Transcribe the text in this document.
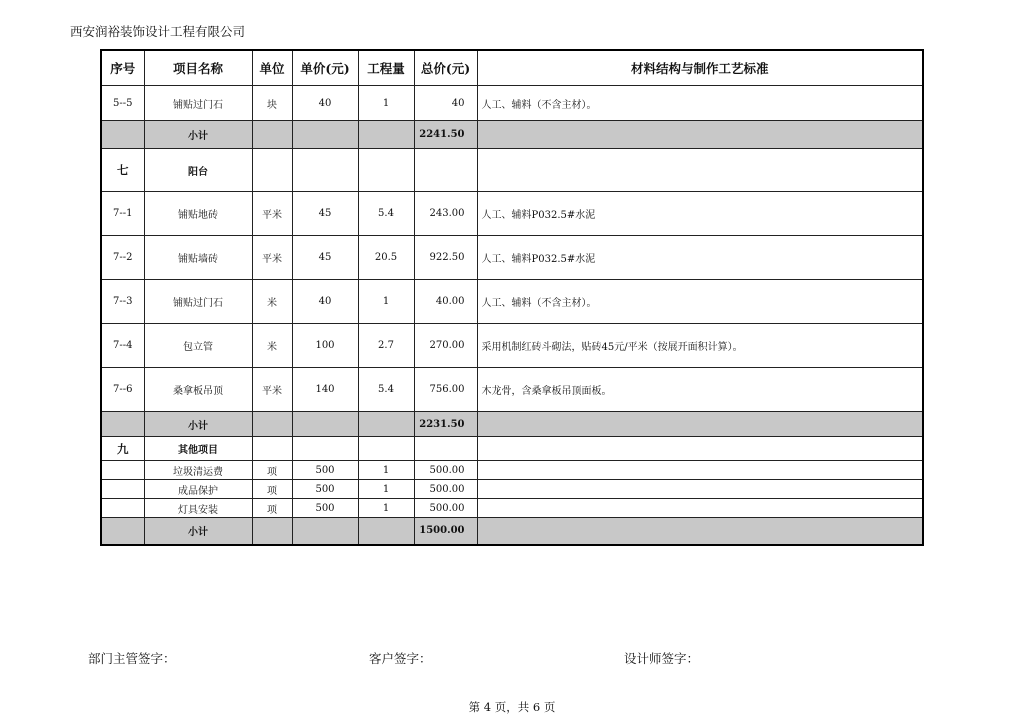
西安润裕装饰设计工程有限公司
序号	项目名称	单位	单价(元)	工程量	总价(元)	材料结构与制作工艺标准
5--5	铺贴过门石	块	40	1	40	人工、辅料（不含主材）。
	小计				2241.50	
七	阳台					
7--1	铺贴地砖	平米	45	5.4	243.00	人工、辅料P032.5#水泥
7--2	铺贴墙砖	平米	45	20.5	922.50	人工、辅料P032.5#水泥
7--3	铺贴过门石	米	40	1	40.00	人工、辅料（不含主材）。
7--4	包立管	米	100	2.7	270.00	采用机制红砖斗砌法，贴砖45元/平米（按展开面积计算）。
7--6	桑拿板吊顶	平米	140	5.4	756.00	木龙骨，含桑拿板吊顶面板。
	小计				2231.50	
九	其他项目					
	垃圾清运费	项	500	1	500.00	
	成品保护	项	500	1	500.00	
	灯具安装	项	500	1	500.00	
	小计				1500.00	
部门主管签字：	客户签字：	设计师签字：
第 4 页，共 6 页
